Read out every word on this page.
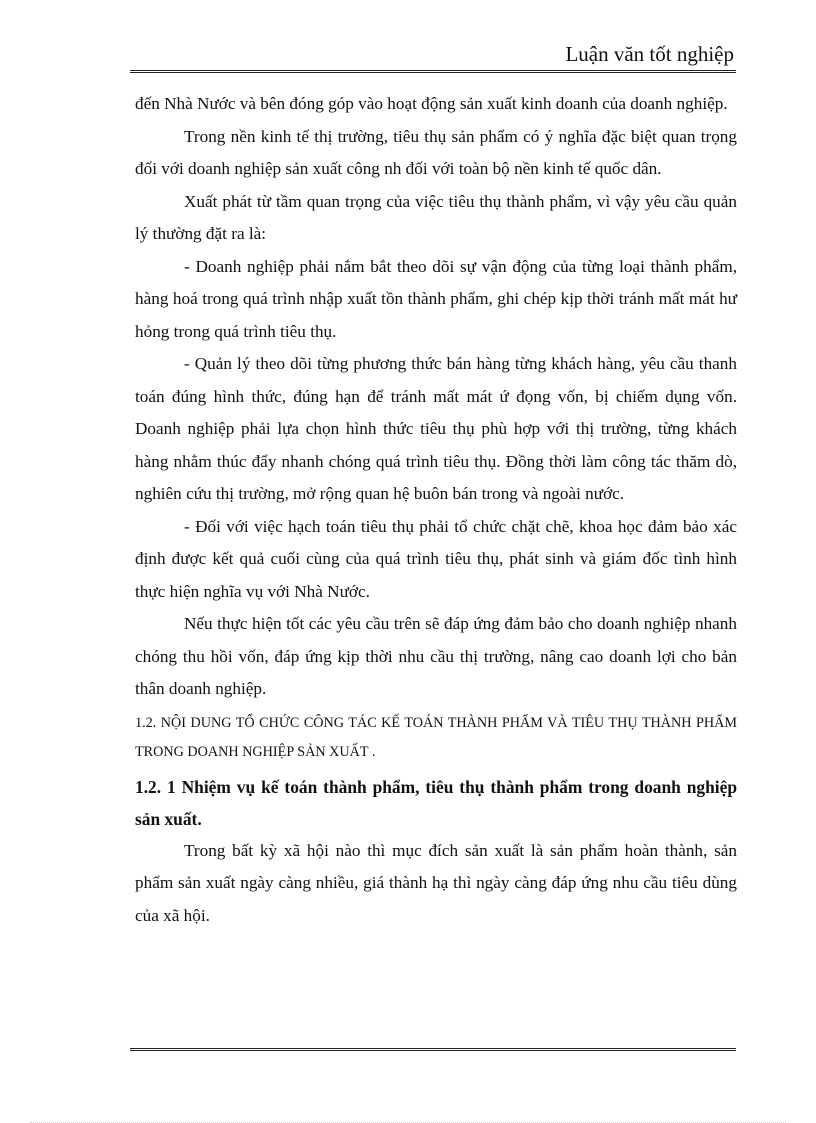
Luận văn tốt nghiệp

đến Nhà Nước và bên đóng góp vào hoạt động sản xuất kinh doanh của doanh nghiệp.

Trong nền kinh tế thị trường, tiêu thụ sản phẩm có ý nghĩa đặc biệt quan trọng đối với doanh nghiệp sản xuất công nh đối với toàn bộ nền kinh tế quốc dân.

Xuất phát từ tầm quan trọng của việc tiêu thụ thành phẩm, vì vậy yêu cầu quản lý thường đặt ra là:

- Doanh nghiệp phải nắm bắt theo dõi sự vận động của từng loại thành phẩm, hàng hoá trong quá trình nhập xuất tồn thành phẩm, ghi chép kịp thời tránh mất mát hư hỏng trong quá trình tiêu thụ.

- Quản lý theo dõi từng phương thức bán hàng từng khách hàng, yêu cầu thanh toán đúng hình thức, đúng hạn để tránh mất mát ứ đọng vốn, bị chiếm dụng vốn. Doanh nghiệp phải lựa chọn hình thức tiêu thụ phù hợp với thị trường, từng khách hàng nhằm thúc đẩy nhanh chóng quá trình tiêu thụ. Đồng thời làm công tác thăm dò, nghiên cứu thị trường, mở rộng quan hệ buôn bán trong và ngoài nước.

- Đối với việc hạch toán tiêu thụ phải tổ chức chặt chẽ, khoa học đảm bảo xác định được kết quả cuối cùng của quá trình tiêu thụ, phát sinh và giám đốc tình hình thực hiện nghĩa vụ với Nhà Nước.

Nếu thực hiện tốt các yêu cầu trên sẽ đáp ứng đảm bảo cho doanh nghiệp nhanh chóng thu hồi vốn, đáp ứng kịp thời nhu cầu thị trường, nâng cao doanh lợi cho bản thân doanh nghiệp.

1.2. NỘI DUNG TỔ CHỨC CÔNG TÁC KẾ TOÁN THÀNH PHẨM VÀ TIÊU THỤ THÀNH PHẨM TRONG DOANH NGHIỆP SẢN XUẤT .

1.2. 1 Nhiệm vụ kế toán thành phẩm, tiêu thụ thành phẩm trong doanh nghiệp sản xuất.

Trong bất kỳ xã hội nào thì mục đích sản xuất là sản phẩm hoàn thành, sản phẩm sản xuất ngày càng nhiều, giá thành hạ thì ngày càng đáp ứng nhu cầu tiêu dùng của xã hội.
